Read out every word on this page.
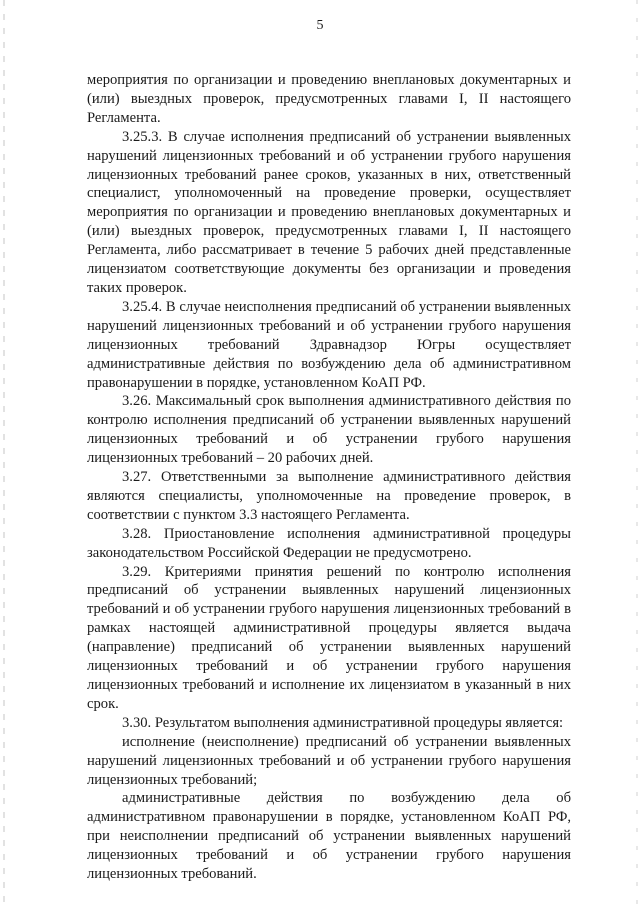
5

мероприятия по организации и проведению внеплановых документарных и (или) выездных проверок, предусмотренных главами I, II настоящего Регламента.

3.25.3. В случае исполнения предписаний об устранении выявленных нарушений лицензионных требований и об устранении грубого нарушения лицензионных требований ранее сроков, указанных в них, ответственный специалист, уполномоченный на проведение проверки, осуществляет мероприятия по организации и проведению внеплановых документарных и (или) выездных проверок, предусмотренных главами I, II настоящего Регламента, либо рассматривает в течение 5 рабочих дней представленные лицензиатом соответствующие документы без организации и проведения таких проверок.

3.25.4. В случае неисполнения предписаний об устранении выявленных нарушений лицензионных требований и об устранении грубого нарушения лицензионных требований Здравнадзор Югры осуществляет административные действия по возбуждению дела об административном правонарушении в порядке, установленном КоАП РФ.

3.26. Максимальный срок выполнения административного действия по контролю исполнения предписаний об устранении выявленных нарушений лицензионных требований и об устранении грубого нарушения лицензионных требований – 20 рабочих дней.

3.27. Ответственными за выполнение административного действия являются специалисты, уполномоченные на проведение проверок, в соответствии с пунктом 3.3 настоящего Регламента.

3.28. Приостановление исполнения административной процедуры законодательством Российской Федерации не предусмотрено.

3.29. Критериями принятия решений по контролю исполнения предписаний об устранении выявленных нарушений лицензионных требований и об устранении грубого нарушения лицензионных требований в рамках настоящей административной процедуры является выдача (направление) предписаний об устранении выявленных нарушений лицензионных требований и об устранении грубого нарушения лицензионных требований и исполнение их лицензиатом в указанный в них срок.

3.30. Результатом выполнения административной процедуры является:

исполнение (неисполнение) предписаний об устранении выявленных нарушений лицензионных требований и об устранении грубого нарушения лицензионных требований;

административные действия по возбуждению дела об административном правонарушении в порядке, установленном КоАП РФ, при неисполнении предписаний об устранении выявленных нарушений лицензионных требований и об устранении грубого нарушения лицензионных требований.
